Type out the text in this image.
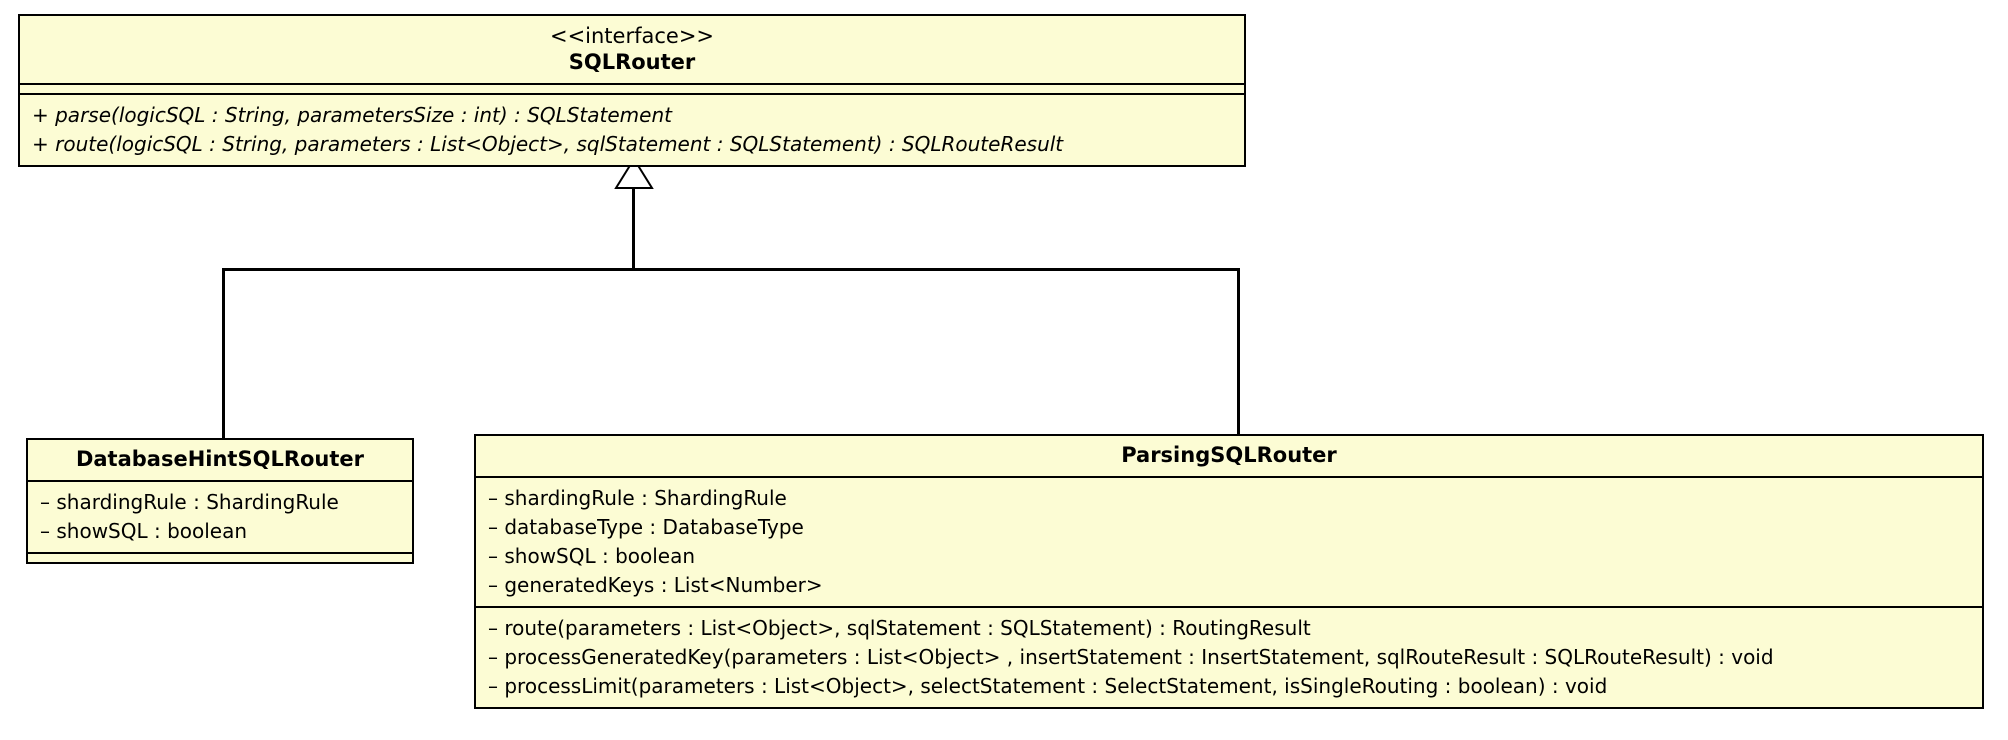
<<interface>>
SQLRouter
+ parse(logicSQL : String, parametersSize : int) : SQLStatement
+ route(logicSQL : String, parameters : List<Object>, sqlStatement : SQLStatement) : SQLRouteResult
DatabaseHintSQLRouter
– shardingRule : ShardingRule
– showSQL : boolean
ParsingSQLRouter
– shardingRule : ShardingRule
– databaseType : DatabaseType
– showSQL : boolean
– generatedKeys : List<Number>
– route(parameters : List<Object>, sqlStatement : SQLStatement) : RoutingResult
– processGeneratedKey(parameters : List<Object> , insertStatement : InsertStatement, sqlRouteResult : SQLRouteResult) : void
– processLimit(parameters : List<Object>, selectStatement : SelectStatement, isSingleRouting : boolean) : void
